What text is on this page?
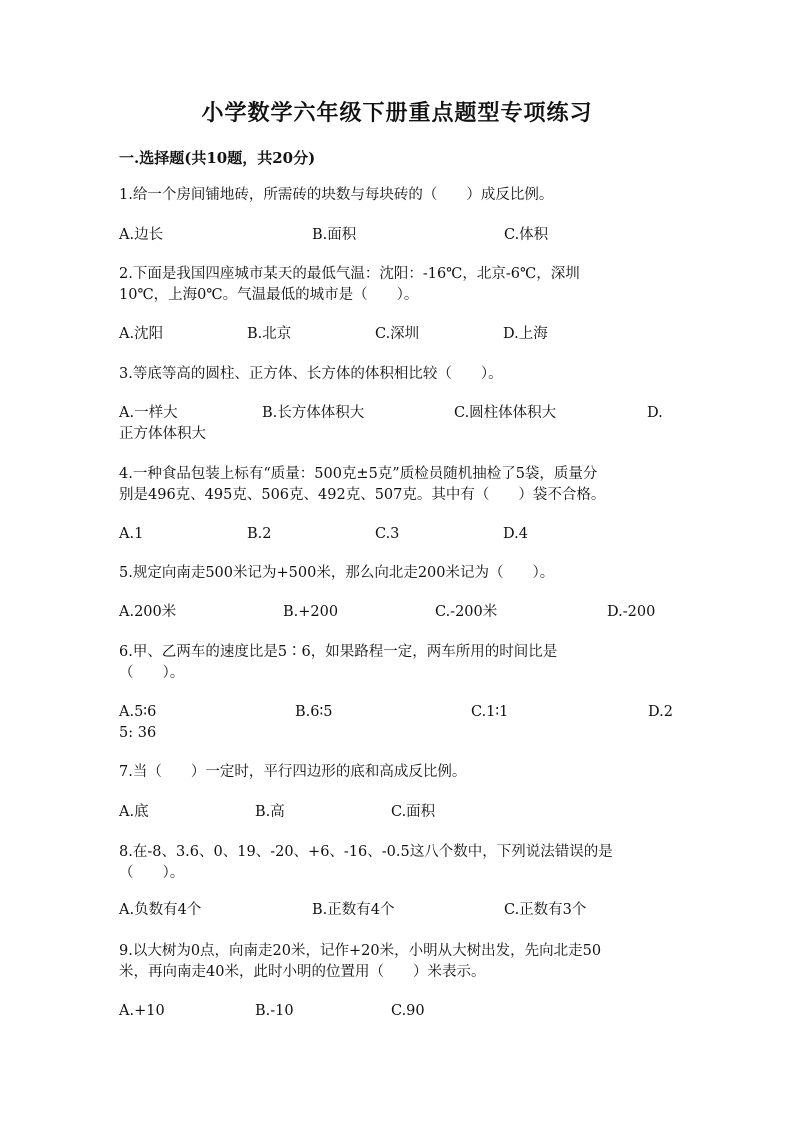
小学数学六年级下册重点题型专项练习
一.选择题(共10题，共20分)
1.给一个房间铺地砖，所需砖的块数与每块砖的（　　）成反比例。
A.边长	B.面积	C.体积
2.下面是我国四座城市某天的最低气温：沈阳：-16℃，北京-6℃，深圳
10℃，上海0℃。气温最低的城市是（　　）。
A.沈阳	B.北京	C.深圳	D.上海
3.等底等高的圆柱、正方体、长方体的体积相比较（　　）。
A.一样大	B.长方体体积大	C.圆柱体体积大	D.
正方体体积大
4.一种食品包装上标有“质量：500克±5克”质检员随机抽检了5袋，质量分
别是496克、495克、506克、492克、507克。其中有（　　）袋不合格。
A.1	B.2	C.3	D.4
5.规定向南走500米记为+500米，那么向北走200米记为（　　）。
A.200米	B.+200	C.-200米	D.-200
6.甲、乙两车的速度比是5∶6，如果路程一定，两车所用的时间比是
（　　）。
A.5∶6	B.6∶5	C.1∶1	D.2
5: 36
7.当（　　）一定时，平行四边形的底和高成反比例。
A.底	B.高	C.面积
8.在-8、3.6、0、19、-20、+6、-16、-0.5这八个数中，下列说法错误的是
（　　）。
A.负数有4个	B.正数有4个	C.正数有3个
9.以大树为0点，向南走20米，记作+20米，小明从大树出发，先向北走50
米，再向南走40米，此时小明的位置用（　　）米表示。
A.+10	B.-10	C.90
